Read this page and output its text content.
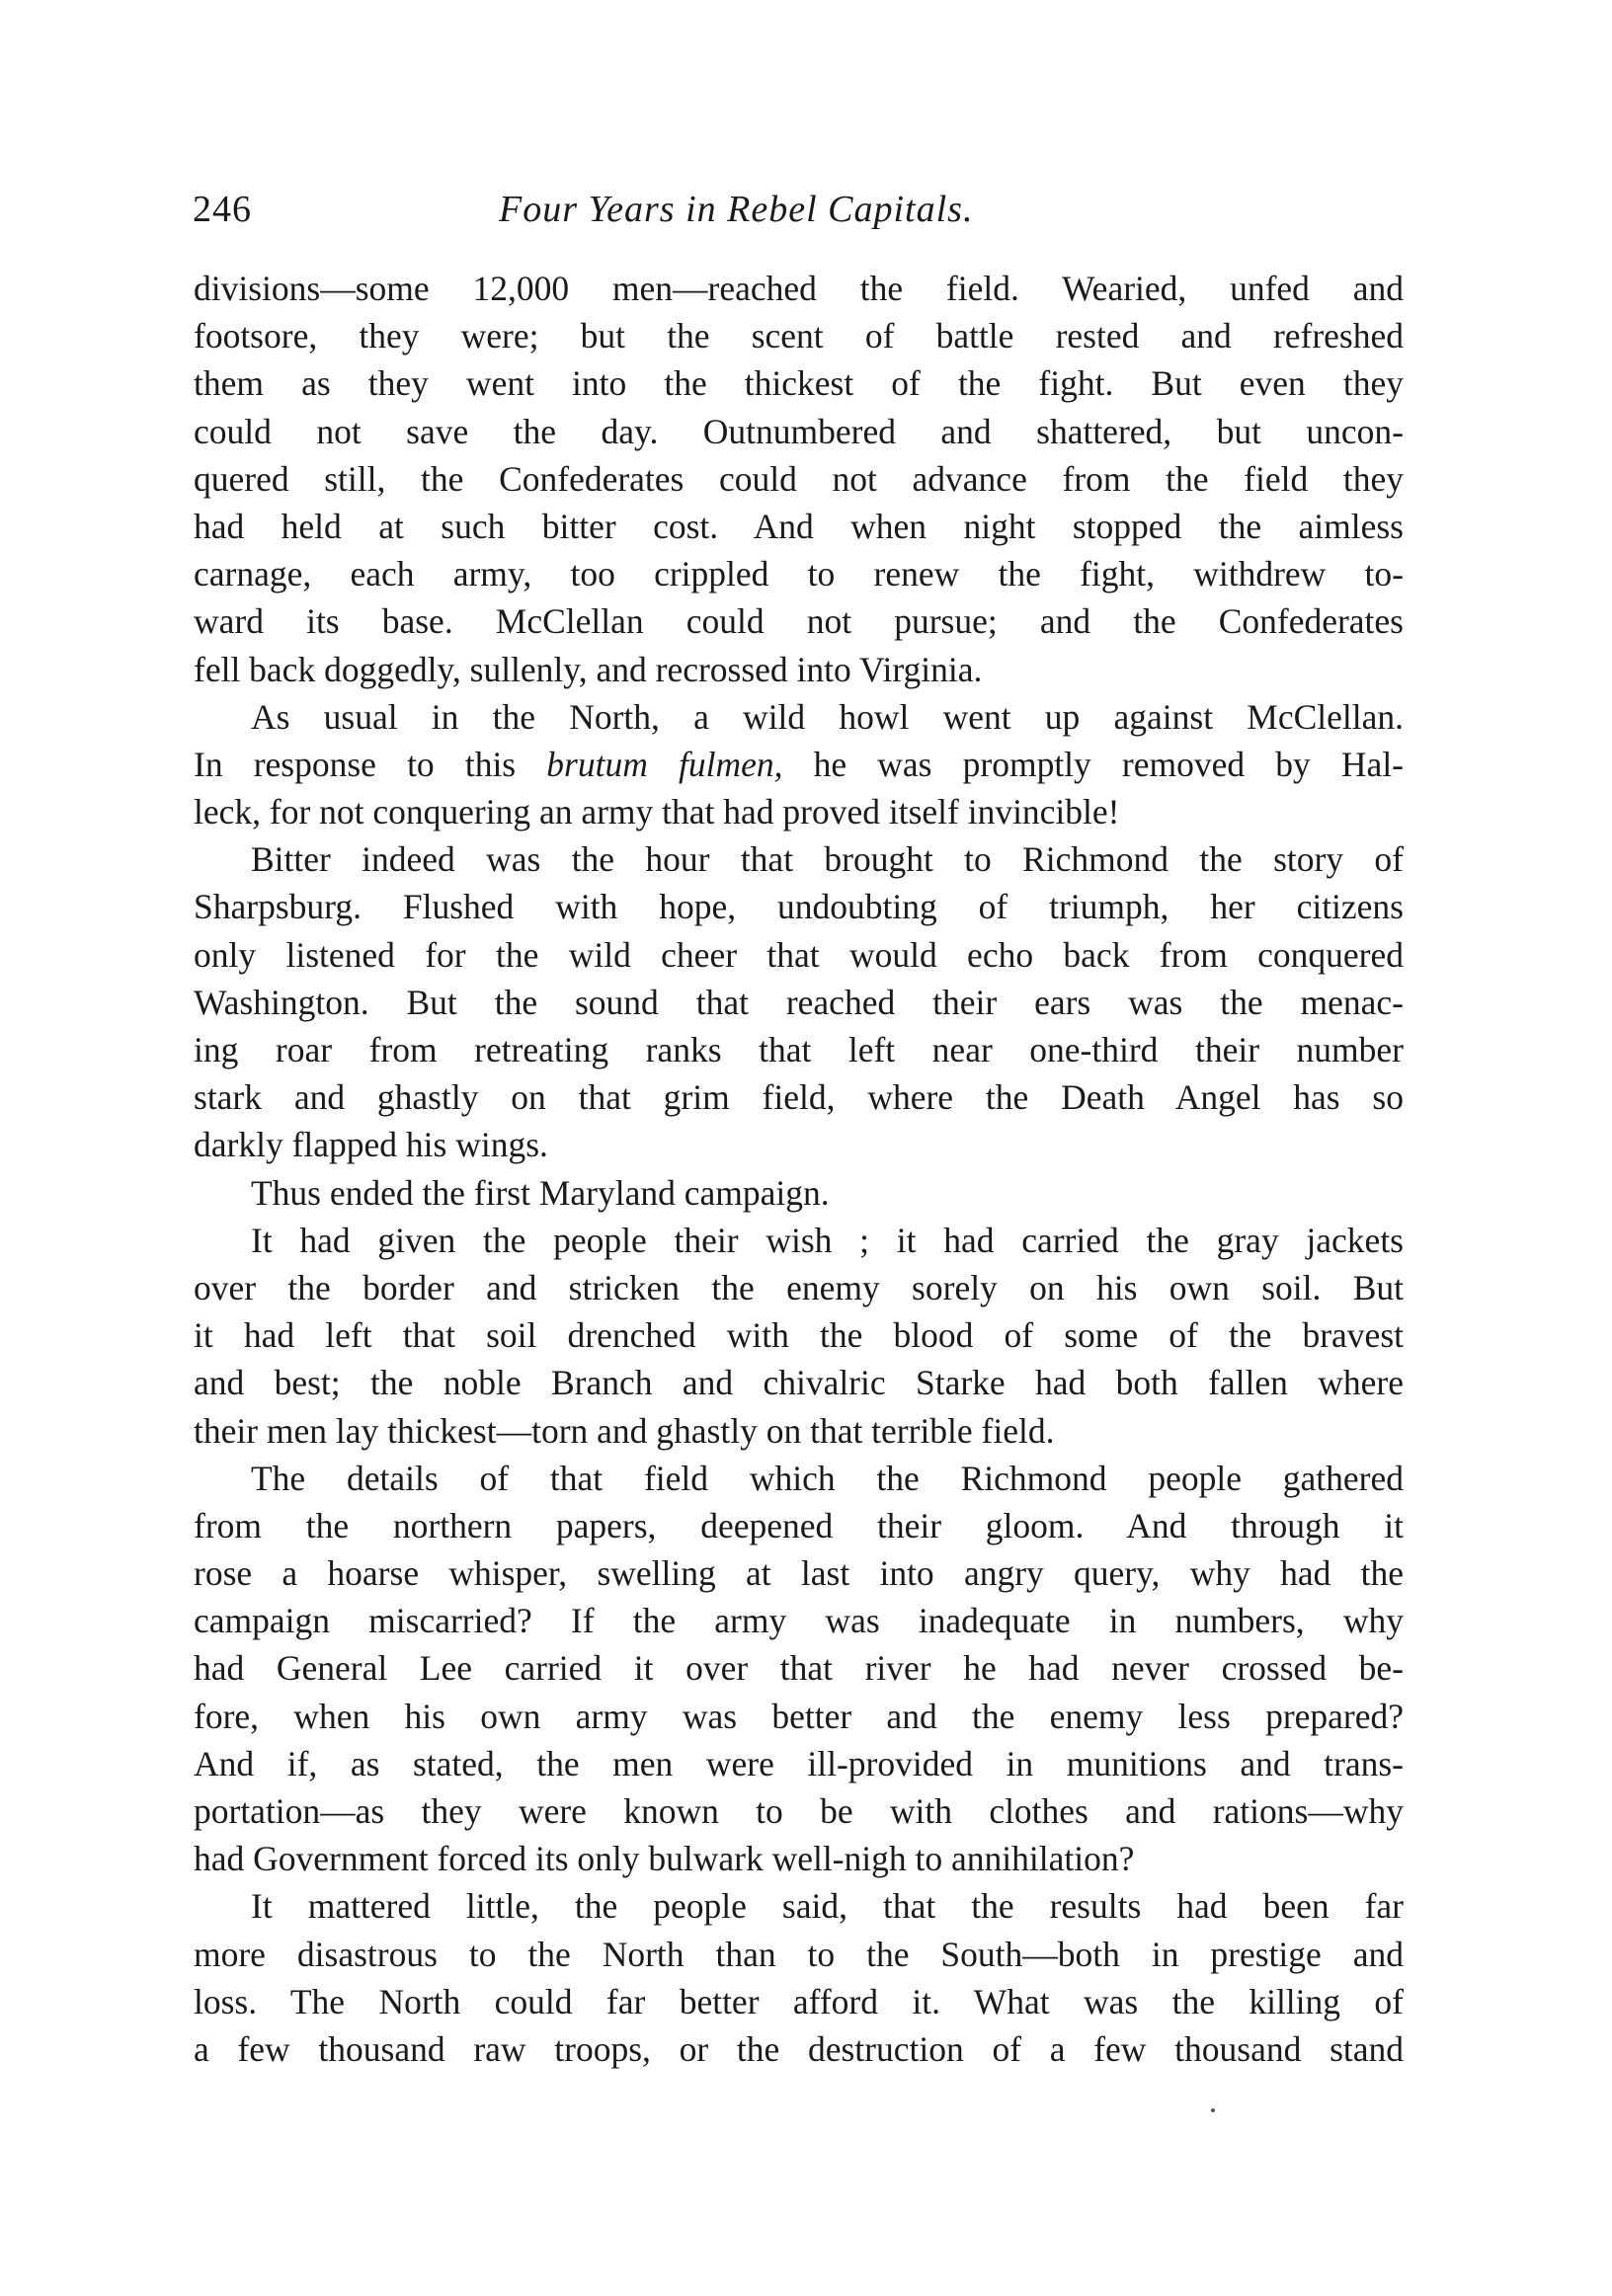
246	Four Years in Rebel Capitals.
divisions—some 12,000 men—reached the field. Wearied, unfed and
footsore, they were; but the scent of battle rested and refreshed
them as they went into the thickest of the fight. But even they
could not save the day. Outnumbered and shattered, but uncon-
quered still, the Confederates could not advance from the field they
had held at such bitter cost. And when night stopped the aimless
carnage, each army, too crippled to renew the fight, withdrew to-
ward its base. McClellan could not pursue; and the Confederates
fell back doggedly, sullenly, and recrossed into Virginia.
As usual in the North, a wild howl went up against McClellan.
In response to this brutum fulmen, he was promptly removed by Hal-
leck, for not conquering an army that had proved itself invincible!
Bitter indeed was the hour that brought to Richmond the story of
Sharpsburg. Flushed with hope, undoubting of triumph, her citizens
only listened for the wild cheer that would echo back from conquered
Washington. But the sound that reached their ears was the menac-
ing roar from retreating ranks that left near one-third their number
stark and ghastly on that grim field, where the Death Angel has so
darkly flapped his wings.
Thus ended the first Maryland campaign.
It had given the people their wish ; it had carried the gray jackets
over the border and stricken the enemy sorely on his own soil. But
it had left that soil drenched with the blood of some of the bravest
and best; the noble Branch and chivalric Starke had both fallen where
their men lay thickest—torn and ghastly on that terrible field.
The details of that field which the Richmond people gathered
from the northern papers, deepened their gloom. And through it
rose a hoarse whisper, swelling at last into angry query, why had the
campaign miscarried? If the army was inadequate in numbers, why
had General Lee carried it over that river he had never crossed be-
fore, when his own army was better and the enemy less prepared?
And if, as stated, the men were ill-provided in munitions and trans-
portation—as they were known to be with clothes and rations—why
had Government forced its only bulwark well-nigh to annihilation?
It mattered little, the people said, that the results had been far
more disastrous to the North than to the South—both in prestige and
loss. The North could far better afford it. What was the killing of
a few thousand raw troops, or the destruction of a few thousand stand
